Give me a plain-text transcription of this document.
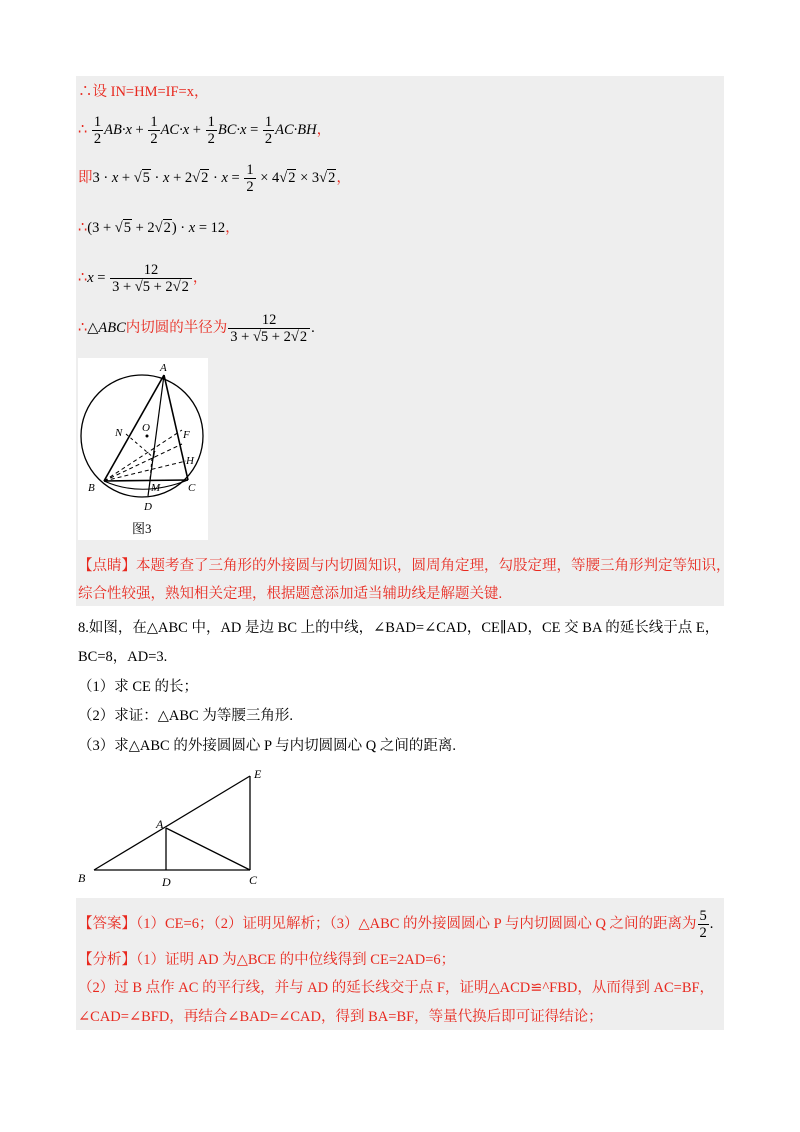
∴设 IN=HM=IF=x，
∴ $\frac{1}{2} AB\cdot x + \frac{1}{2} AC\cdot x + \frac{1}{2} BC\cdot x = \frac{1}{2} AC\cdot BH$，
即$3 \cdot x + √5 \cdot x + 2√2 \cdot x = \frac{1}{2} \times 4√2 \times 3√2$，
∴(3 + √5 + 2√2) · x = 12，
∴x = $\frac{12}{3 + √5 + 2√2}$ ，
∴△ABC内切圆的半径为 $\frac{12}{3 + √5 + 2√2}$ .
A
N O
F
I	H
B	M	C
D
图3
【点睛】本题考查了三角形的外接圆与内切圆知识，圆周角定理，勾股定理，等腰三角形判定等知识，
综合性较强，熟知相关定理，根据题意添加适当辅助线是解题关键.
8.如图，在△ABC 中，AD 是边 BC 上的中线，∠BAD=∠CAD，CE∥AD，CE 交 BA 的延长线于点 E，
BC=8，AD=3.
（1）求 CE 的长；
（2）求证：△ABC 为等腰三角形.
（3）求△ABC 的外接圆圆心 P 与内切圆圆心 Q 之间的距离.
E
A
B	D	C
【答案】（1）CE=6；（2）证明见解析；（3）△ABC 的外接圆圆心 P 与内切圆圆心 Q 之间的距离为 $\frac{5}{2}$ .
【分析】（1）证明 AD 为△BCE 的中位线得到 CE=2AD=6；
（2）过 B 点作 AC 的平行线，并与 AD 的延长线交于点 F，证明△ACD≌^FBD，从而得到 AC=BF，
∠CAD=∠BFD，再结合∠BAD=∠CAD，得到 BA=BF，等量代换后即可证得结论；
